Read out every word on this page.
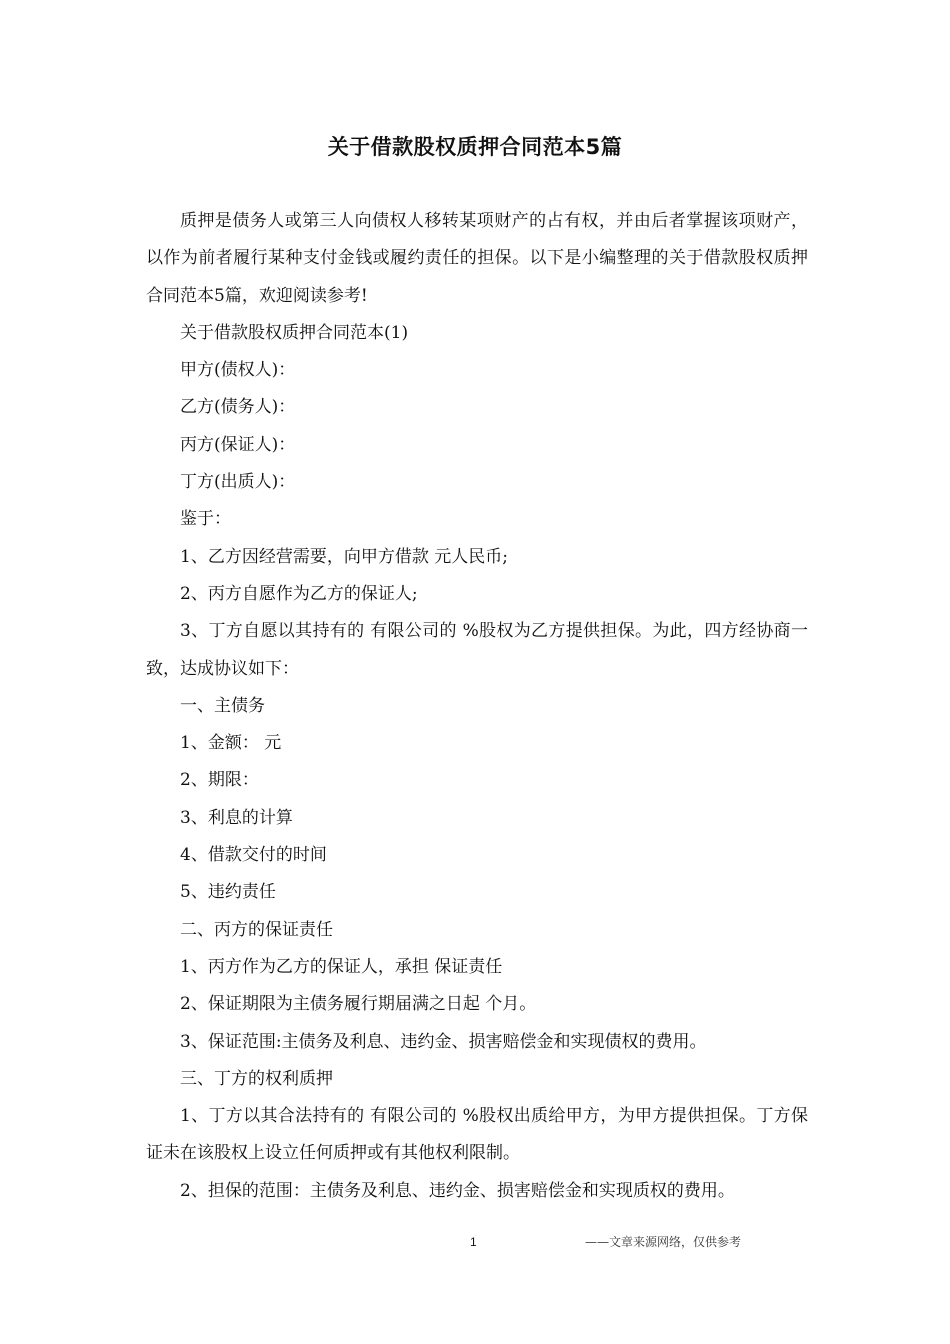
关于借款股权质押合同范本5篇

质押是债务人或第三人向债权人移转某项财产的占有权，并由后者掌握该项财产，以作为前者履行某种支付金钱或履约责任的担保。以下是小编整理的关于借款股权质押合同范本5篇，欢迎阅读参考!

关于借款股权质押合同范本(1)

甲方(债权人)：

乙方(债务人)：

丙方(保证人)：

丁方(出质人)：

鉴于：

1、乙方因经营需要，向甲方借款 元人民币;

2、丙方自愿作为乙方的保证人;

3、丁方自愿以其持有的 有限公司的 %股权为乙方提供担保。为此，四方经协商一致，达成协议如下：

一、主债务

1、金额： 元

2、期限：

3、利息的计算

4、借款交付的时间

5、违约责任

二、丙方的保证责任

1、丙方作为乙方的保证人，承担 保证责任

2、保证期限为主债务履行期届满之日起 个月。

3、保证范围:主债务及利息、违约金、损害赔偿金和实现债权的费用。

三、丁方的权利质押

1、丁方以其合法持有的 有限公司的 %股权出质给甲方，为甲方提供担保。丁方保证未在该股权上设立任何质押或有其他权利限制。

2、担保的范围：主债务及利息、违约金、损害赔偿金和实现质权的费用。

1	——文章来源网络，仅供参考
